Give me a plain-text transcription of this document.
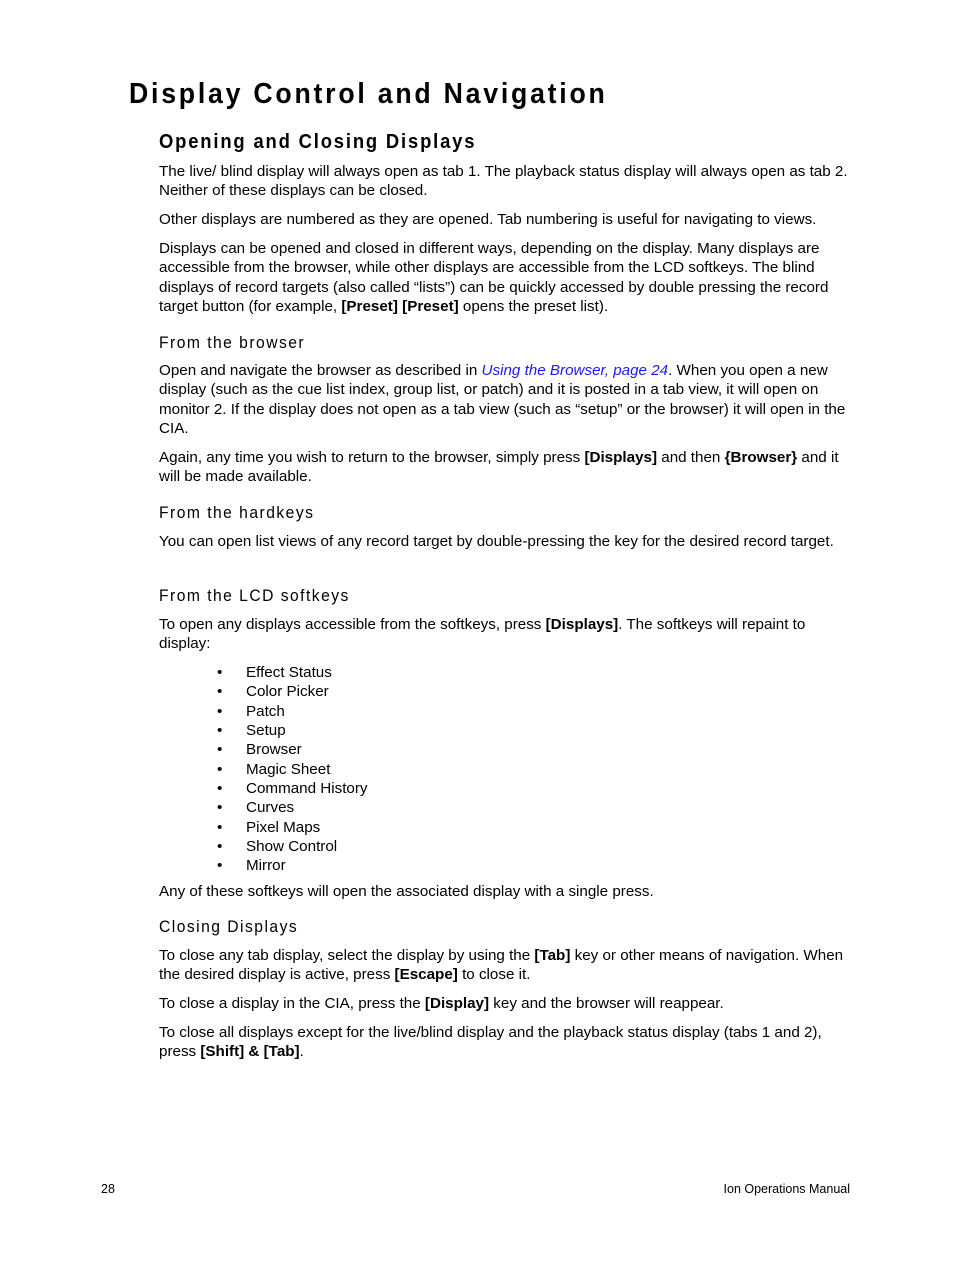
Display Control and Navigation
Opening and Closing Displays

The live/ blind display will always open as tab 1. The playback status display will always open as tab 2. Neither of these displays can be closed.

Other displays are numbered as they are opened. Tab numbering is useful for navigating to views.

Displays can be opened and closed in different ways, depending on the display. Many displays are accessible from the browser, while other displays are accessible from the LCD softkeys. The blind displays of record targets (also called “lists”) can be quickly accessed by double pressing the record target button (for example, [Preset] [Preset] opens the preset list).

From the browser

Open and navigate the browser as described in Using the Browser, page 24. When you open a new display (such as the cue list index, group list, or patch) and it is posted in a tab view, it will open on monitor 2. If the display does not open as a tab view (such as “setup” or the browser) it will open in the CIA.

Again, any time you wish to return to the browser, simply press [Displays] and then {Browser} and it will be made available.

From the hardkeys

You can open list views of any record target by double-pressing the key for the desired record target.

From the LCD softkeys

To open any displays accessible from the softkeys, press [Displays]. The softkeys will repaint to display:

• Effect Status
• Color Picker
• Patch
• Setup
• Browser
• Magic Sheet
• Command History
• Curves
• Pixel Maps
• Show Control
• Mirror

Any of these softkeys will open the associated display with a single press.

Closing Displays

To close any tab display, select the display by using the [Tab] key or other means of navigation. When the desired display is active, press [Escape] to close it.

To close a display in the CIA, press the [Display] key and the browser will reappear.

To close all displays except for the live/blind display and the playback status display (tabs 1 and 2), press [Shift] & [Tab].

28	Ion Operations Manual
